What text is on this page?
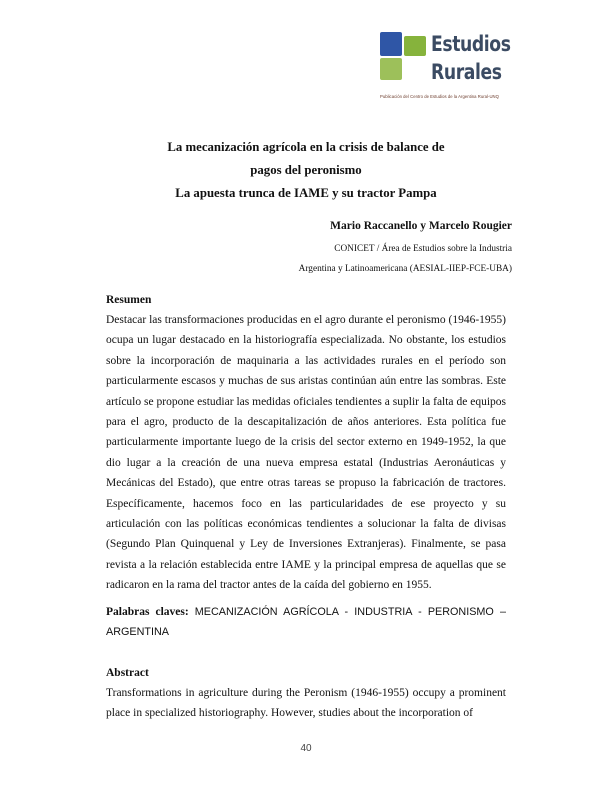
Estudios
Rurales
Publicación del Centro de Estudios de la Argentina Rural-UNQ
La mecanización agrícola en la crisis de balance de
pagos del peronismo
La apuesta trunca de IAME y su tractor Pampa
Mario Raccanello y Marcelo Rougier
CONICET / Área de Estudios sobre la Industria
Argentina y Latinoamericana (AESIAL-IIEP-FCE-UBA)
Resumen

Destacar las transformaciones producidas en el agro durante el peronismo (1946-1955) ocupa un lugar destacado en la historiografía especializada. No obstante, los estudios sobre la incorporación de maquinaria a las actividades rurales en el período son particularmente escasos y muchas de sus aristas continúan aún entre las sombras. Este artículo se propone estudiar las medidas oficiales tendientes a suplir la falta de equipos para el agro, producto de la descapitalización de años anteriores. Esta política fue particularmente importante luego de la crisis del sector externo en 1949-1952, la que dio lugar a la creación de una nueva empresa estatal (Industrias Aeronáuticas y Mecánicas del Estado), que entre otras tareas se propuso la fabricación de tractores. Específicamente, hacemos foco en las particularidades de ese proyecto y su articulación con las políticas económicas tendientes a solucionar la falta de divisas (Segundo Plan Quinquenal y Ley de Inversiones Extranjeras). Finalmente, se pasa revista a la relación establecida entre IAME y la principal empresa de aquellas que se radicaron en la rama del tractor antes de la caída del gobierno en 1955.

Palabras claves: MECANIZACIÓN AGRÍCOLA - INDUSTRIA - PERONISMO – ARGENTINA

Abstract

Transformations in agriculture during the Peronism (1946-1955) occupy a prominent place in specialized historiography. However, studies about the incorporation of

40
